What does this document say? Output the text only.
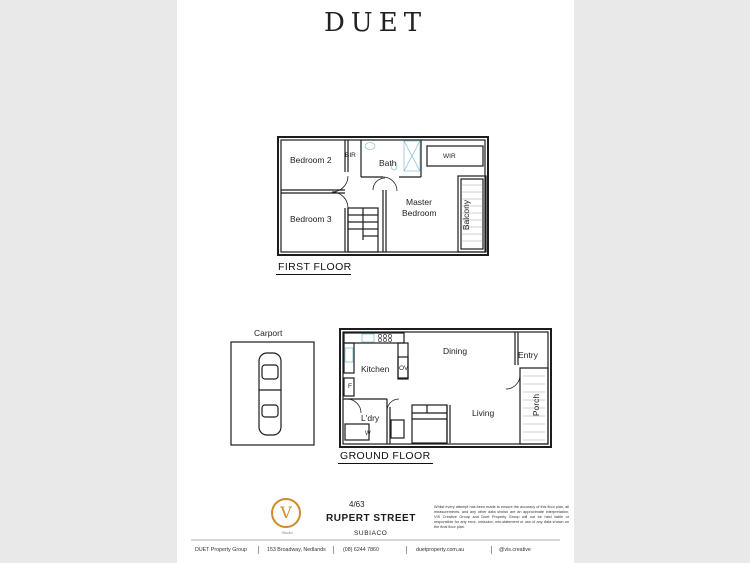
DUET
Bedroom 2 BIR
Bath
WIR
Master
Bedroom
Bedroom 3	Balcony
FIRST FLOOR
Carport
Kitchen OV
Dining	Entry
F
L'dry
W
Living	Porch
GROUND FLOOR
V
Studio
4/63
RUPERT STREET
SUBIACO
Whilst every attempt has been made to ensure the accuracy of this floor plan, all measurements, and any other data shown are an approximate interpretation. VIS Creative Group and Duet Property Group will not be held liable or responsible for any error, omission, mis-statement or use of any data shown on the final floor plan.
DUET Property Group	153 Broadway, Nedlands	(08) 6244 7860	duetproperty.com.au	@vis.creative
